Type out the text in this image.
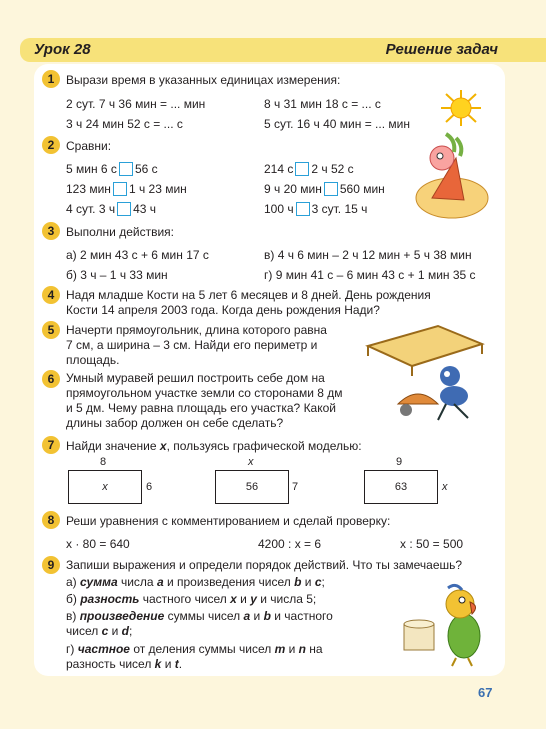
Урок 28	Решение задач
1 Вырази время в указанных единицах измерения:
2 сут. 7 ч 36 мин = ... мин	8 ч 31 мин 18 с = ... с
3 ч 24 мин 52 с = ... с	5 сут. 16 ч 40 мин = ... мин
2 Сравни:
5 мин 6 с 56 с	214 с 2 ч 52 с
123 мин 1 ч 23 мин	9 ч 20 мин 560 мин
4 сут. 3 ч 43 ч	100 ч 3 сут. 15 ч
3 Выполни действия:
а) 2 мин 43 с + 6 мин 17 с	в) 4 ч 6 мин – 2 ч 12 мин + 5 ч 38 мин
б) 3 ч – 1 ч 33 мин	г) 9 мин 41 с – 6 мин 43 с + 1 мин 35 с
4 Надя младше Кости на 5 лет 6 месяцев и 8 дней. День рождения
Кости 14 апреля 2003 года. Когда день рождения Нади?
5 Начерти прямоугольник, длина которого равна
7 см, а ширина – 3 см. Найди его периметр и
площадь.
6 Умный муравей решил построить себе дом на
прямоугольном участке земли со сторонами 8 дм
и 5 дм. Чему равна площадь его участка? Какой
длины забор должен он себе сделать?
7 Найди значение x, пользуясь графической моделью:
8
x	6
x
56	7
9
63	x
8 Реши уравнения с комментированием и сделай проверку:
x · 80 = 640	4200 : x = 6	x : 50 = 500
9 Запиши выражения и определи порядок действий. Что ты замечаешь?
а) сумма числа a и произведения чисел b и c;
б) разность частного чисел x и y и числа 5;
в) произведение суммы чисел a и b и частного
чисел c и d;
г) частное от деления суммы чисел m и n на
разность чисел k и t.
67
